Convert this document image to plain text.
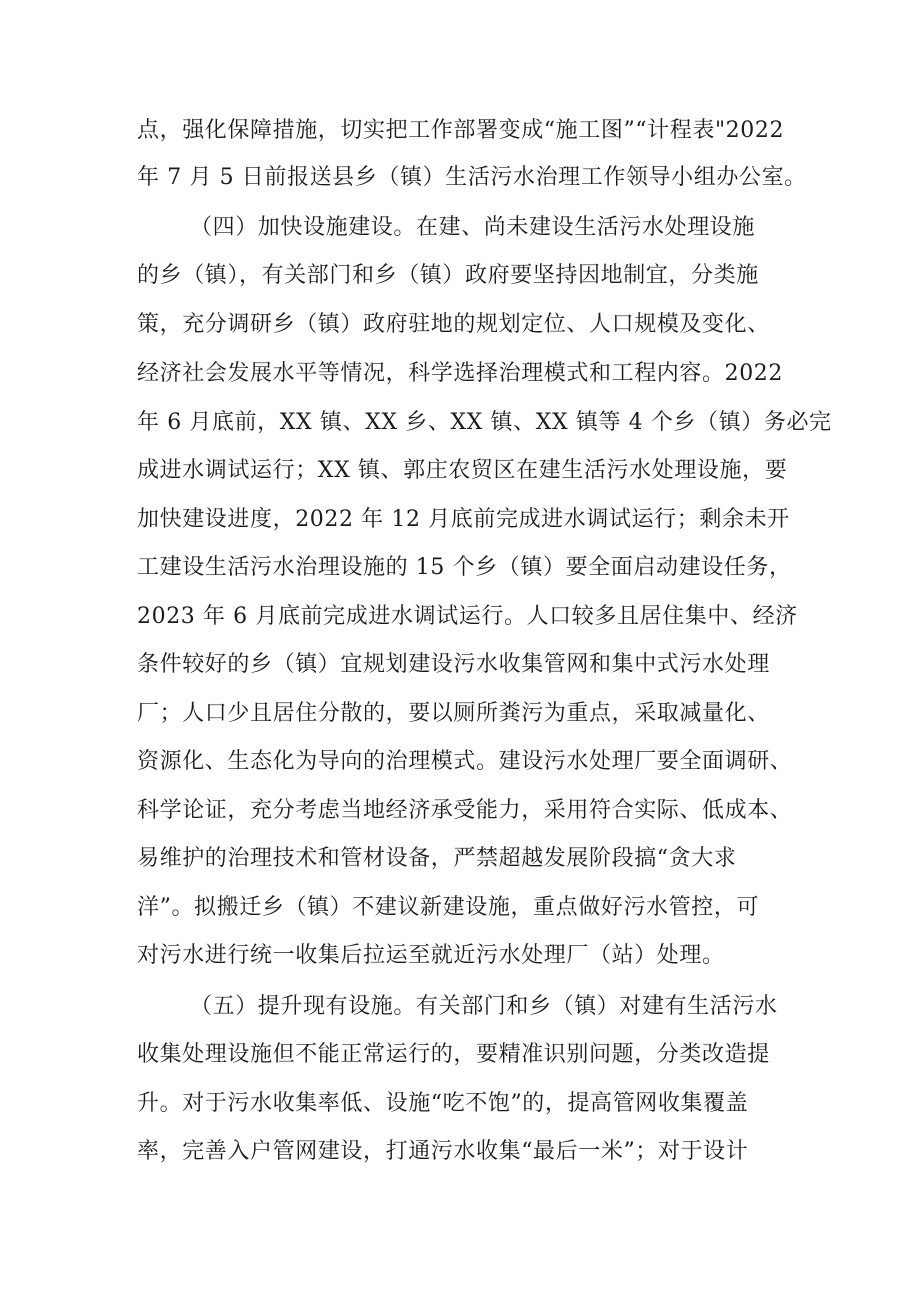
点，强化保障措施，切实把工作部署变成“施工图”“计程表"2022
年 7 月 5 日前报送县乡（镇）生活污水治理工作领导小组办公室。
（四）加快设施建设。在建、尚未建设生活污水处理设施
的乡（镇），有关部门和乡（镇）政府要坚持因地制宜，分类施
策，充分调研乡（镇）政府驻地的规划定位、人口规模及变化、
经济社会发展水平等情况，科学选择治理模式和工程内容。2022
年 6 月底前，XX 镇、XX 乡、XX 镇、XX 镇等 4 个乡（镇）务必完
成进水调试运行；XX 镇、郭庄农贸区在建生活污水处理设施，要
加快建设进度，2022 年 12 月底前完成进水调试运行；剩余未开
工建设生活污水治理设施的 15 个乡（镇）要全面启动建设任务，
2023 年 6 月底前完成进水调试运行。人口较多且居住集中、经济
条件较好的乡（镇）宜规划建设污水收集管网和集中式污水处理
厂；人口少且居住分散的，要以厕所粪污为重点，采取减量化、
资源化、生态化为导向的治理模式。建设污水处理厂要全面调研、
科学论证，充分考虑当地经济承受能力，采用符合实际、低成本、
易维护的治理技术和管材设备，严禁超越发展阶段搞“贪大求
洋”。拟搬迁乡（镇）不建议新建设施，重点做好污水管控，可
对污水进行统一收集后拉运至就近污水处理厂（站）处理。
（五）提升现有设施。有关部门和乡（镇）对建有生活污水
收集处理设施但不能正常运行的，要精准识别问题，分类改造提
升。对于污水收集率低、设施“吃不饱”的，提高管网收集覆盖
率，完善入户管网建设，打通污水收集“最后一米”；对于设计
